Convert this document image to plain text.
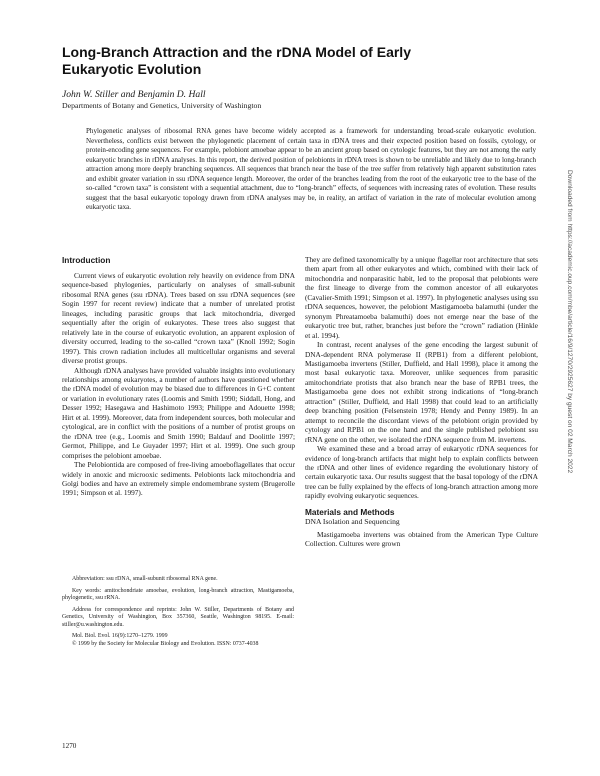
Long-Branch Attraction and the rDNA Model of Early Eukaryotic Evolution
John W. Stiller and Benjamin D. Hall
Departments of Botany and Genetics, University of Washington

Phylogenetic analyses of ribosomal RNA genes have become widely accepted as a framework for understanding broad-scale eukaryotic evolution. Nevertheless, conflicts exist between the phylogenetic placement of certain taxa in rDNA trees and their expected position based on fossils, cytology, or protein-encoding gene sequences. For example, pelobiont amoebae appear to be an ancient group based on cytologic features, but they are not among the early eukaryotic branches in rDNA analyses. In this report, the derived position of pelobionts in rDNA trees is shown to be unreliable and likely due to long-branch attraction among more deeply branching sequences. All sequences that branch near the base of the tree suffer from relatively high apparent substitution rates and exhibit greater variation in ssu rDNA sequence length. Moreover, the order of the branches leading from the root of the eukaryotic tree to the base of the so-called “crown taxa” is consistent with a sequential attachment, due to “long-branch” effects, of sequences with increasing rates of evolution. These results suggest that the basal eukaryotic topology drawn from rDNA analyses may be, in reality, an artifact of variation in the rate of molecular evolution among eukaryotic taxa.

Introduction

Current views of eukaryotic evolution rely heavily on evidence from DNA sequence-based phylogenies, particularly on analyses of small-subunit ribosomal RNA genes (ssu rDNA). Trees based on ssu rDNA sequences (see Sogin 1997 for recent review) indicate that a number of unrelated protist lineages, including parasitic groups that lack mitochondria, diverged sequentially after the origin of eukaryotes. These trees also suggest that relatively late in the course of eukaryotic evolution, an apparent explosion of diversity occurred, leading to the so-called “crown taxa” (Knoll 1992; Sogin 1997). This crown radiation includes all multicellular organisms and several diverse protist groups.

Although rDNA analyses have provided valuable insights into evolutionary relationships among eukaryotes, a number of authors have questioned whether the rDNA model of evolution may be biased due to differences in G+C content or variation in evolutionary rates (Loomis and Smith 1990; Siddall, Hong, and Desser 1992; Hasegawa and Hashimoto 1993; Philippe and Adouette 1998; Hirt et al. 1999). Moreover, data from independent sources, both molecular and cytological, are in conflict with the positions of a number of protist groups on the rDNA tree (e.g., Loomis and Smith 1990; Baldauf and Doolittle 1997; Germot, Philippe, and Le Guyader 1997; Hirt et al. 1999). One such group comprises the pelobiont amoebae.

The Pelobiontida are composed of free-living amoeboflagellates that occur widely in anoxic and microoxic sediments. Pelobionts lack mitochondria and Golgi bodies and have an extremely simple endomembrane system (Brugerolle 1991; Simpson et al. 1997).

Abbreviation: ssu rDNA, small-subunit ribosomal RNA gene.

Key words: amitochondriate amoebae, evolution, long-branch attraction, Mastigamoeba, phylogenetic, ssu rRNA.

Address for correspondence and reprints: John W. Stiller, Departments of Botany and Genetics, University of Washington, Box 357360, Seattle, Washington 98195. E-mail: stiller@u.washington.edu.

Mol. Biol. Evol. 16(9):1270–1279. 1999

© 1999 by the Society for Molecular Biology and Evolution. ISSN: 0737-4038

They are defined taxonomically by a unique flagellar root architecture that sets them apart from all other eukaryotes and which, combined with their lack of mitochondria and nonparasitic habit, led to the proposal that pelobionts were the first lineage to diverge from the common ancestor of all eukaryotes (Cavalier-Smith 1991; Simpson et al. 1997). In phylogenetic analyses using ssu rDNA sequences, however, the pelobiont Mastigamoeba balamuthi (under the synonym Phreatamoeba balamuthi) does not emerge near the base of the eukaryotic tree but, rather, branches just before the “crown” radiation (Hinkle et al. 1994).

In contrast, recent analyses of the gene encoding the largest subunit of DNA-dependent RNA polymerase II (RPB1) from a different pelobiont, Mastigamoeba invertens (Stiller, Duffield, and Hall 1998), place it among the most basal eukaryotic taxa. Moreover, unlike sequences from parasitic amitochondriate protists that also branch near the base of RPB1 trees, the Mastigamoeba gene does not exhibit strong indications of “long-branch attraction” (Stiller, Duffield, and Hall 1998) that could lead to an artificially deep branching position (Felsenstein 1978; Hendy and Penny 1989). In an attempt to reconcile the discordant views of the pelobiont origin provided by cytology and RPB1 on the one hand and the single published pelobiont ssu rRNA gene on the other, we isolated the rDNA sequence from M. invertens.

We examined these and a broad array of eukaryotic rDNA sequences for evidence of long-branch artifacts that might help to explain conflicts between the rDNA and other lines of evidence regarding the evolutionary history of certain eukaryotic taxa. Our results suggest that the basal topology of the rDNA tree can be fully explained by the effects of long-branch attraction among more rapidly evolving eukaryotic sequences.

Materials and Methods
DNA Isolation and Sequencing

Mastigamoeba invertens was obtained from the American Type Culture Collection. Cultures were grown

1270
Downloaded from https://academic.oup.com/mbe/article/16/9/1270/2925627 by guest on 02 March 2022
